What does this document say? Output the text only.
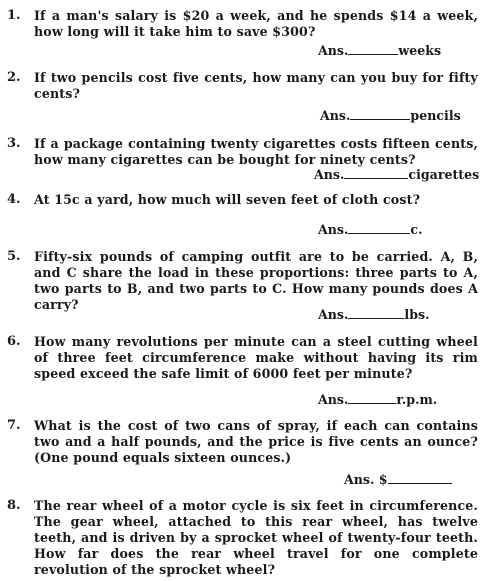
1.	If a man's salary is $20 a week, and he spends $14 a week, how long will it take him to save $300?
Ans.	weeks
2.	If two pencils cost five cents, how many can you buy for fifty cents?
Ans.	pencils
3.	If a package containing twenty cigarettes costs fifteen cents, how many cigarettes can be bought for ninety cents?
Ans.	cigarettes
4.	At 15c a yard, how much will seven feet of cloth cost?
Ans.	c.
5.	Fifty-six pounds of camping outfit are to be carried. A, B, and C share the load in these proportions: three parts to A, two parts to B, and two parts to C. How many pounds does A carry?
Ans.	lbs.
6.	How many revolutions per minute can a steel cutting wheel of three feet circumference make without having its rim speed exceed the safe limit of 6000 feet per minute?
Ans.	r.p.m.
7.	What is the cost of two cans of spray, if each can contains two and a half pounds, and the price is five cents an ounce? (One pound equals sixteen ounces.)
Ans. $
8.	The rear wheel of a motor cycle is six feet in circumference. The gear wheel, attached to this rear wheel, has twelve teeth, and is driven by a sprocket wheel of twenty-four teeth. How far does the rear wheel travel for one complete revolution of the sprocket wheel?
